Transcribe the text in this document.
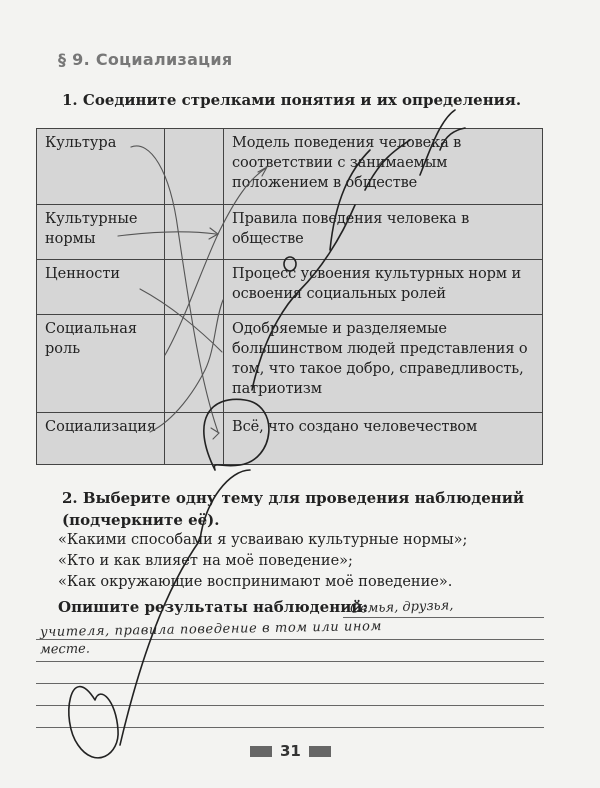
§ 9. Социализация
1. Соедините стрелками понятия и их определения.
Культура		Модель поведения человека в соответствии с занимаемым положением в обществе
Культурные нормы		Правила поведения человека в обществе
Ценности		Процесс усвоения культурных норм и освоения социальных ролей
Социальная роль		Одобряемые и разделяемые большинством людей представления о том, что такое добро, справедливость, патриотизм
Социализация		Всё, что создано человечеством
2. Выберите одну тему для проведения наблюдений (подчеркните её).
«Какими способами я усваиваю культурные нормы»;
«Кто и как влияет на моё поведение»;
«Как окружающие воспринимают моё поведение».
Опишите результаты наблюдений:
Семья, друзья,
учителя, правила поведение в том или ином
месте.
31
